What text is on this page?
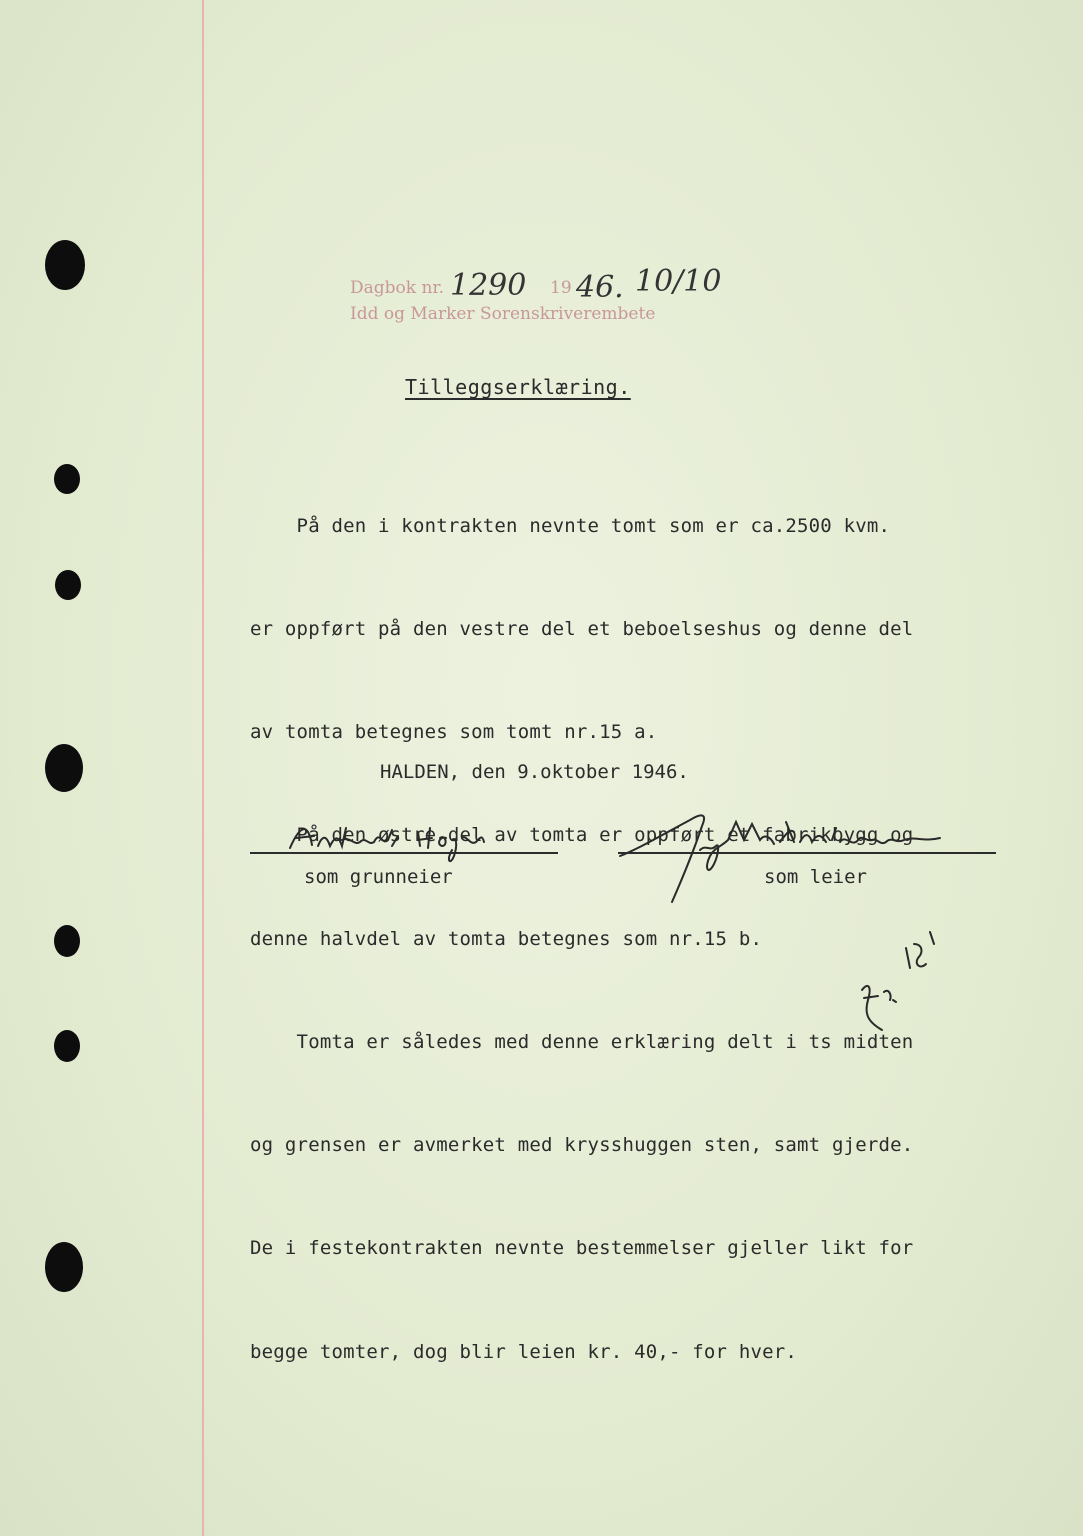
Dagbok nr. 1290 19 46. 10/10
Idd og Marker Sorenskriverembete
Tilleggserklæring.

På den i kontrakten nevnte tomt som er ca.2500 kvm.

er oppført på den vestre del et beboelseshus og denne del

av tomta betegnes som tomt nr.15 a.

På den østre del av tomta er oppført et fabrikbygg og

denne halvdel av tomta betegnes som nr.15 b.

Tomta er således med denne erklæring delt i ts midten

og grensen er avmerket med krysshuggen sten, samt gjerde.

De i festekontrakten nevnte bestemmelser gjeller likt for

begge tomter, dog blir leien kr. 40,- for hver.

HALDEN, den 9.oktober 1946.
som grunneier	som leier
